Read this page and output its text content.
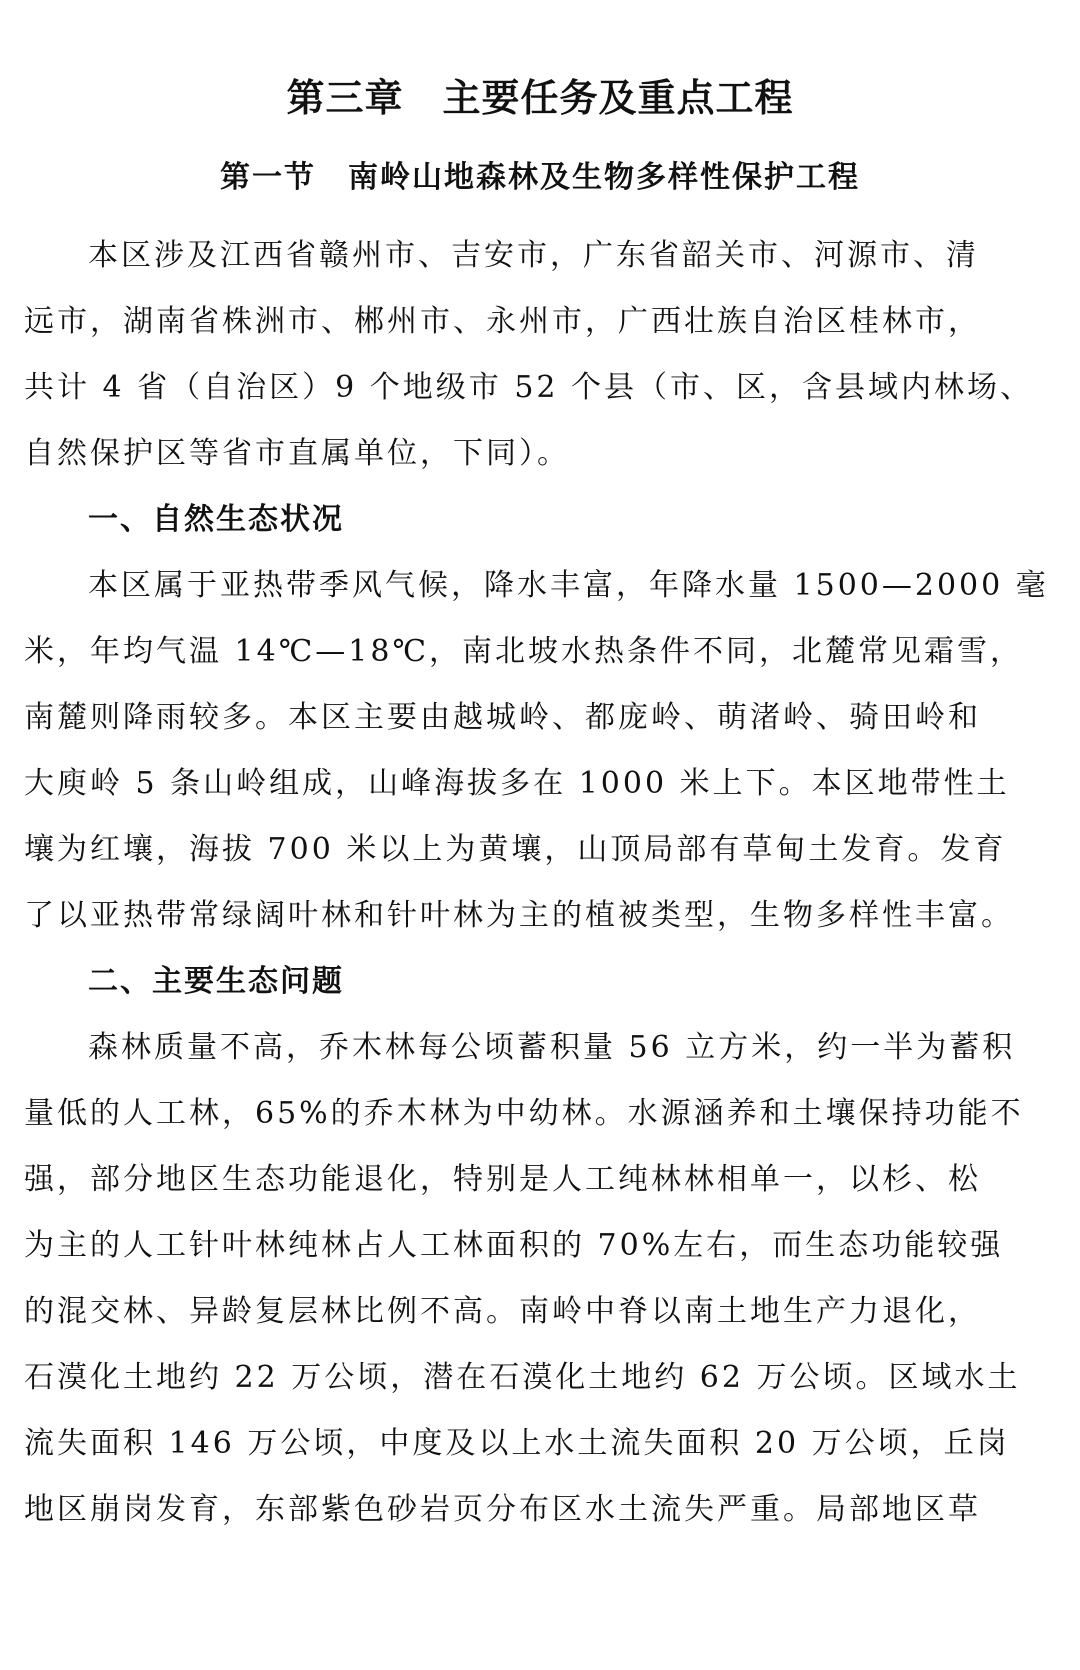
第三章　主要任务及重点工程
第一节　南岭山地森林及生物多样性保护工程
本区涉及江西省赣州市、吉安市，广东省韶关市、河源市、清
远市，湖南省株洲市、郴州市、永州市，广西壮族自治区桂林市，
共计 4 省（自治区）9 个地级市 52 个县（市、区，含县域内林场、
自然保护区等省市直属单位，下同）。
一、自然生态状况
本区属于亚热带季风气候，降水丰富，年降水量 1500—2000 毫
米，年均气温 14℃—18℃，南北坡水热条件不同，北麓常见霜雪，
南麓则降雨较多。本区主要由越城岭、都庞岭、萌渚岭、骑田岭和
大庾岭 5 条山岭组成，山峰海拔多在 1000 米上下。本区地带性土
壤为红壤，海拔 700 米以上为黄壤，山顶局部有草甸土发育。发育
了以亚热带常绿阔叶林和针叶林为主的植被类型，生物多样性丰富。
二、主要生态问题
森林质量不高，乔木林每公顷蓄积量 56 立方米，约一半为蓄积
量低的人工林，65%的乔木林为中幼林。水源涵养和土壤保持功能不
强，部分地区生态功能退化，特别是人工纯林林相单一，以杉、松
为主的人工针叶林纯林占人工林面积的 70%左右，而生态功能较强
的混交林、异龄复层林比例不高。南岭中脊以南土地生产力退化，
石漠化土地约 22 万公顷，潜在石漠化土地约 62 万公顷。区域水土
流失面积 146 万公顷，中度及以上水土流失面积 20 万公顷，丘岗
地区崩岗发育，东部紫色砂岩页分布区水土流失严重。局部地区草
